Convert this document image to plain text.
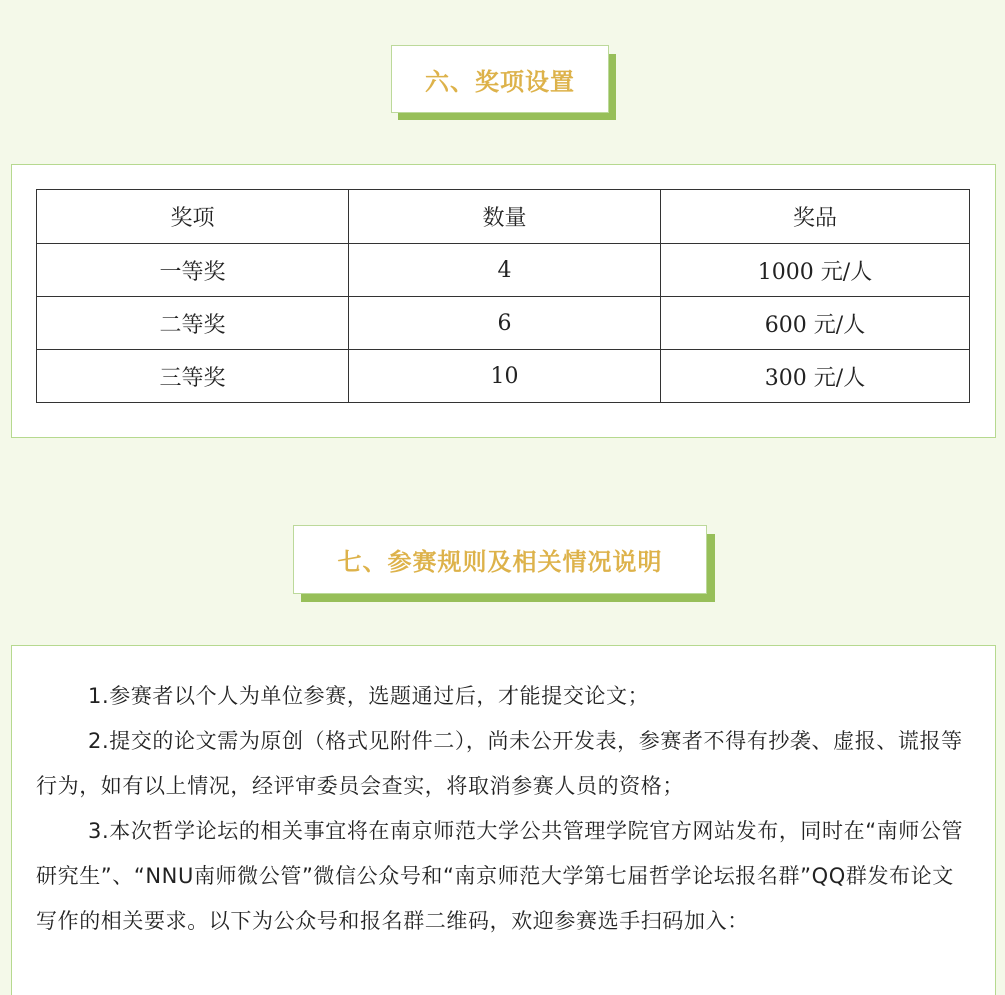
六、奖项设置
奖项	数量	奖品
一等奖	4	1000 元/人
二等奖	6	600 元/人
三等奖	10	300 元/人
七、参赛规则及相关情况说明

1.参赛者以个人为单位参赛，选题通过后，才能提交论文；

2.提交的论文需为原创（格式见附件二），尚未公开发表，参赛者不得有抄袭、虚报、谎报等行为，如有以上情况，经评审委员会查实，将取消参赛人员的资格；

3.本次哲学论坛的相关事宜将在南京师范大学公共管理学院官方网站发布，同时在“南师公管研究生”、“NNU南师微公管”微信公众号和“南京师范大学第七届哲学论坛报名群”QQ群发布论文写作的相关要求。以下为公众号和报名群二维码，欢迎参赛选手扫码加入：
